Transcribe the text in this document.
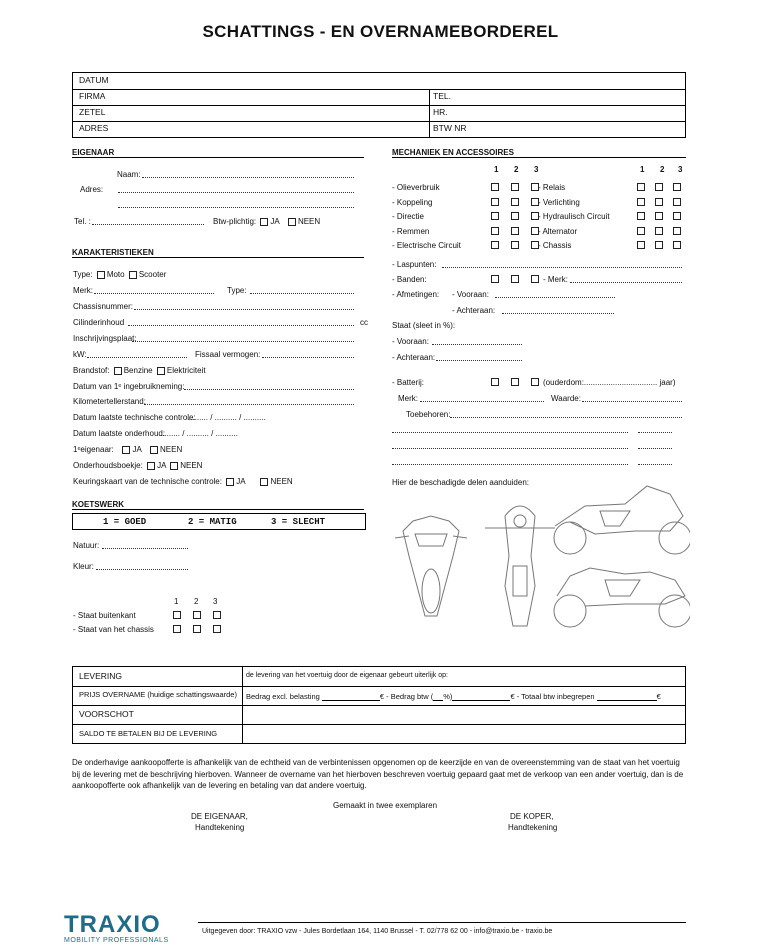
SCHATTINGS - EN OVERNAMEBORDEREL
DATUM
FIRMA	TEL.
ZETEL	HR.
ADRES	BTW NR
EIGENAAR
Naam:
Adres:
Tel. :	Btw-plichtig: JA NEEN
KARAKTERISTIEKEN
Type: Moto Scooter
Merk:	Type:
Chassisnummer:
Cilinderinhoud	cc
Inschrijvingsplaat:
kW:	Fissaal vermogen:
Brandstof: Benzine Elektriciteit
Datum van 1ᵉ ingebruikneming:
Kilometertellerstand:
Datum laatste technische controle:
......... / .......... / ..........
Datum laatste onderhoud:
......... / .......... / ..........
1ᵉeigenaar: JA NEEN
Onderhoudsboekje: JA NEEN
Keuringskaart van de technische controle: JA	NEEN
KOETSWERK
1 = GOED	2 = MATIG	3 = SLECHT
Natuur:
Kleur:
1 2 3
- Staat buitenkant
- Staat van het chassis
MECHANIEK EN ACCESSOIRES
1 2 3	1 2 3
- Olieverbruik	- Relais
- Koppeling	- Verlichting
- Directie	- Hydraulisch Circuit
- Remmen	- Alternator
- Electrische Circuit	- Chassis
- Laspunten:
- Banden:	- Merk:
- Afmetingen: - Vooraan:
- Achteraan:
Staat (sleet in %):
- Vooraan:
- Achteraan:
- Batterij:	(ouderdom:................................. jaar)
Merk:	Waarde:
Toebehoren:
Hier de beschadigde delen aanduiden:
LEVERING	de levering van het voertuig door de eigenaar gebeurt uiterlijk op:
PRIJS OVERNAME (huidige schattingswaarde) Bedrag excl. belasting	€ - Bedrag btw ( %)	€ - Totaal btw inbegrepen	€
VOORSCHOT
SALDO TE BETALEN BIJ DE LEVERING
De onderhavige aankoopofferte is afhankelijk van de echtheid van de verbintenissen opgenomen op de keerzijde en van de overeenstemming van de staat van het voertuig bij de levering met de beschrijving hierboven. Wanneer de overname van het hierboven beschreven voertuig gepaard gaat met de verkoop van een ander voertuig, dan is de aankoopofferte ook afhankelijk van de levering en betaling van dat andere voertuig.
Gemaakt in twee exemplaren
DE EIGENAAR,
Handtekening
DE KOPER,
Handtekening
TRAXIO
MOBILITY PROFESSIONALS
Uitgegeven door: TRAXIO vzw - Jules Bordetlaan 164, 1140 Brussel - T. 02/778 62 00 - info@traxio.be - traxio.be
